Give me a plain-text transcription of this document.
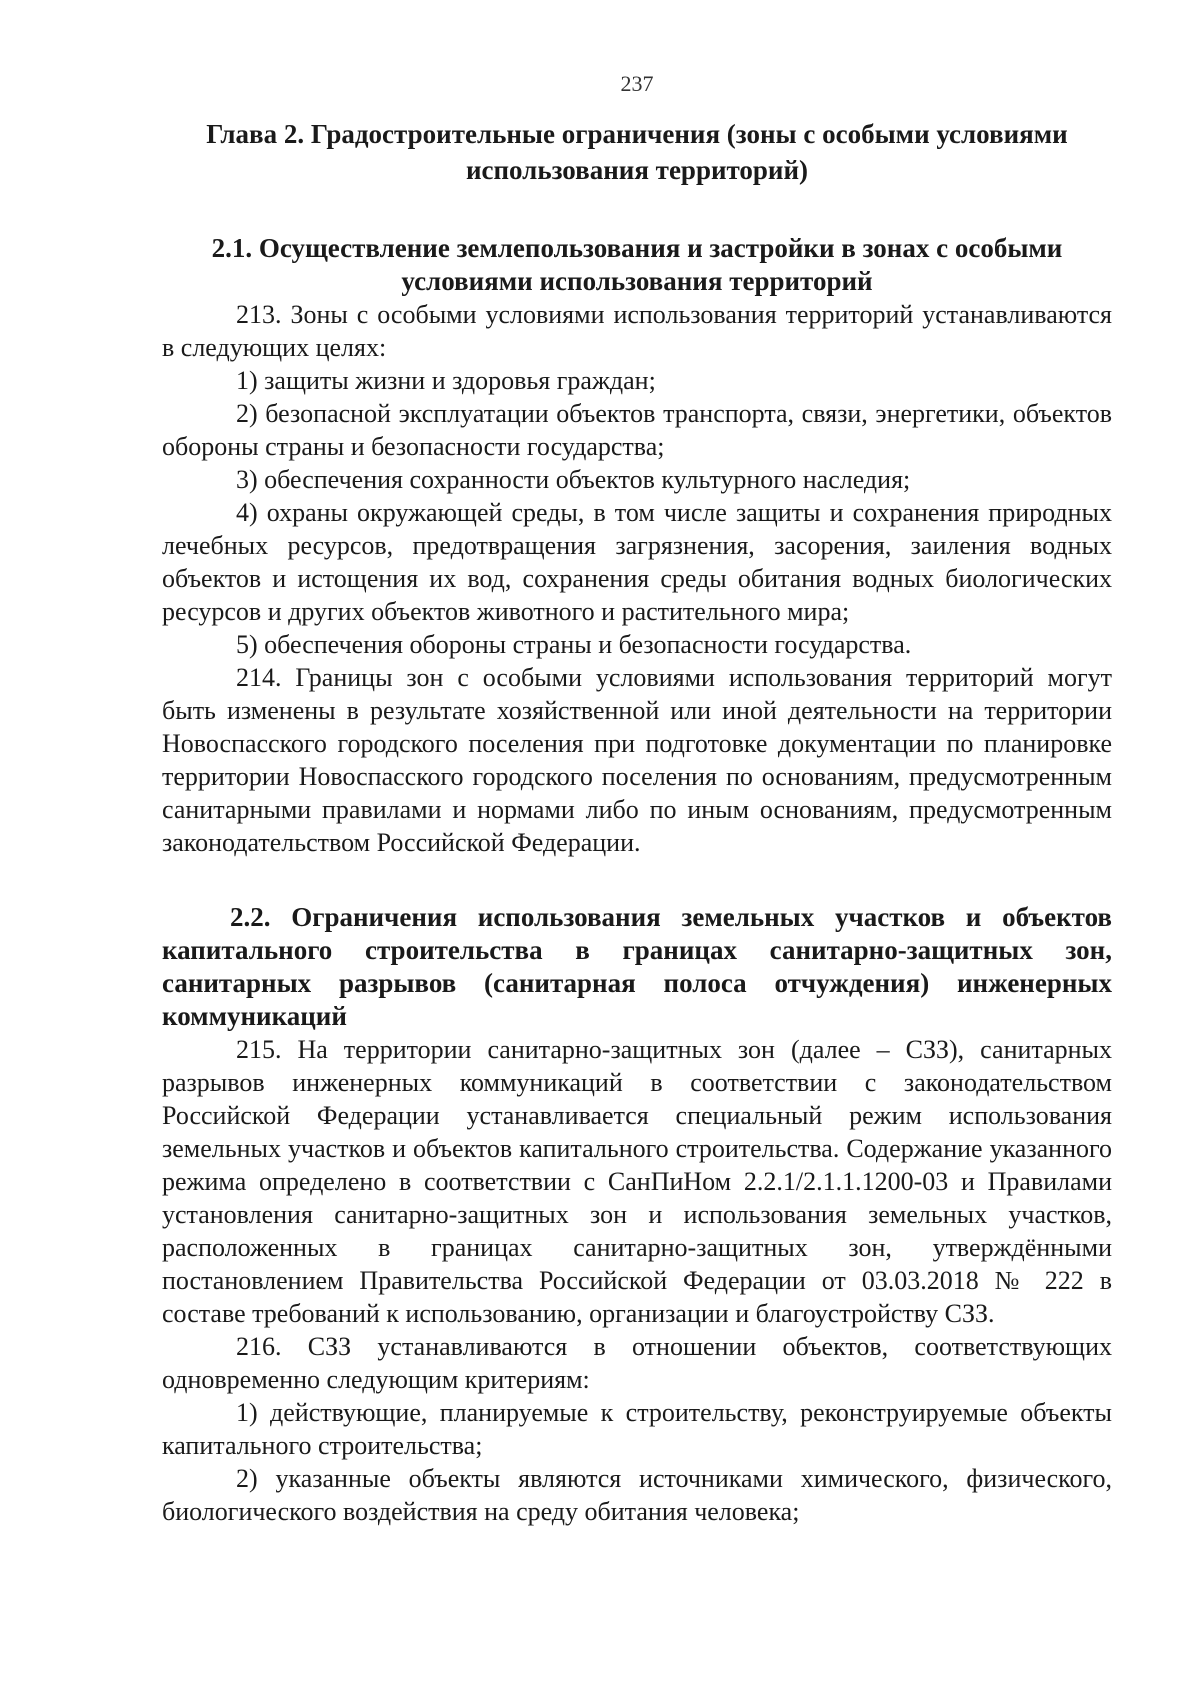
237
Глава 2. Градостроительные ограничения (зоны с особыми условиями использования территорий)
2.1. Осуществление землепользования и застройки в зонах с особыми условиями использования территорий

213. Зоны с особыми условиями использования территорий устанавливаются в следующих целях:

1) защиты жизни и здоровья граждан;

2) безопасной эксплуатации объектов транспорта, связи, энергетики, объектов обороны страны и безопасности государства;

3) обеспечения сохранности объектов культурного наследия;

4) охраны окружающей среды, в том числе защиты и сохранения природных лечебных ресурсов, предотвращения загрязнения, засорения, заиления водных объектов и истощения их вод, сохранения среды обитания водных биологических ресурсов и других объектов животного и растительного мира;

5) обеспечения обороны страны и безопасности государства.

214. Границы зон с особыми условиями использования территорий могут быть изменены в результате хозяйственной или иной деятельности на территории Новоспасского городского поселения при подготовке документации по планировке территории Новоспасского городского поселения по основаниям, предусмотренным санитарными правилами и нормами либо по иным основаниям, предусмотренным законодательством Российской Федерации.

2.2. Ограничения использования земельных участков и объектов капитального строительства в границах санитарно-защитных зон, санитарных разрывов (санитарная полоса отчуждения) инженерных коммуникаций

215. На территории санитарно-защитных зон (далее – СЗЗ), санитарных разрывов инженерных коммуникаций в соответствии с законодательством Российской Федерации устанавливается специальный режим использования земельных участков и объектов капитального строительства. Содержание указанного режима определено в соответствии с СанПиНом 2.2.1/2.1.1.1200-03 и Правилами установления санитарно-защитных зон и использования земельных участков, расположенных в границах санитарно-защитных зон, утверждёнными постановлением Правительства Российской Федерации от 03.03.2018 № 222 в составе требований к использованию, организации и благоустройству СЗЗ.

216. СЗЗ устанавливаются в отношении объектов, соответствующих одновременно следующим критериям:

1) действующие, планируемые к строительству, реконструируемые объекты капитального строительства;

2) указанные объекты являются источниками химического, физического, биологического воздействия на среду обитания человека;
